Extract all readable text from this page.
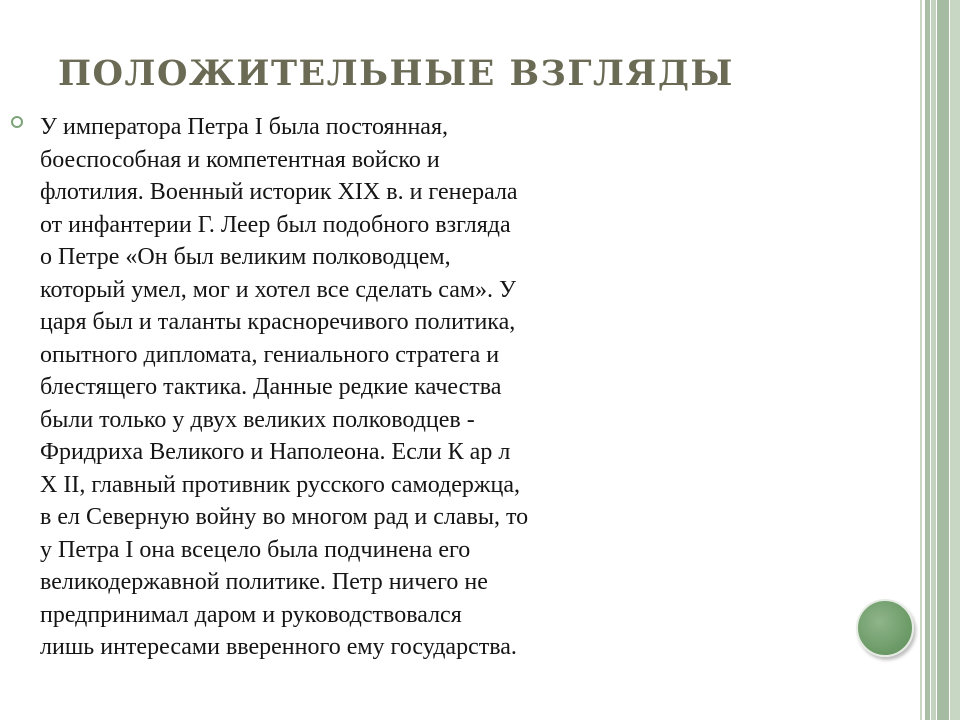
ПОЛОЖИТЕЛЬНЫЕ ВЗГЛЯДЫ

У императора Петра I была постоянная,
боеспособная и компетентная войско и
флотилия. Военный историк XIX в. и генерала
от инфантерии Г. Леер был подобного взгляда
о Петре «Он был великим полководцем,
который умел, мог и хотел все сделать сам». У
царя был и таланты красноречивого политика,
опытного дипломата, гениального стратега и
блестящего тактика. Данные редкие качества
были только у двух великих полководцев -
Фридриха Великого и Наполеона. Если К ар л
X II, главный противник русского самодержца,
в ел Северную войну во многом рад и славы, то
у Петра I она всецело была подчинена его
великодержавной политике. Петр ничего не
предпринимал даром и руководствовался
лишь интересами вверенного ему государства.
